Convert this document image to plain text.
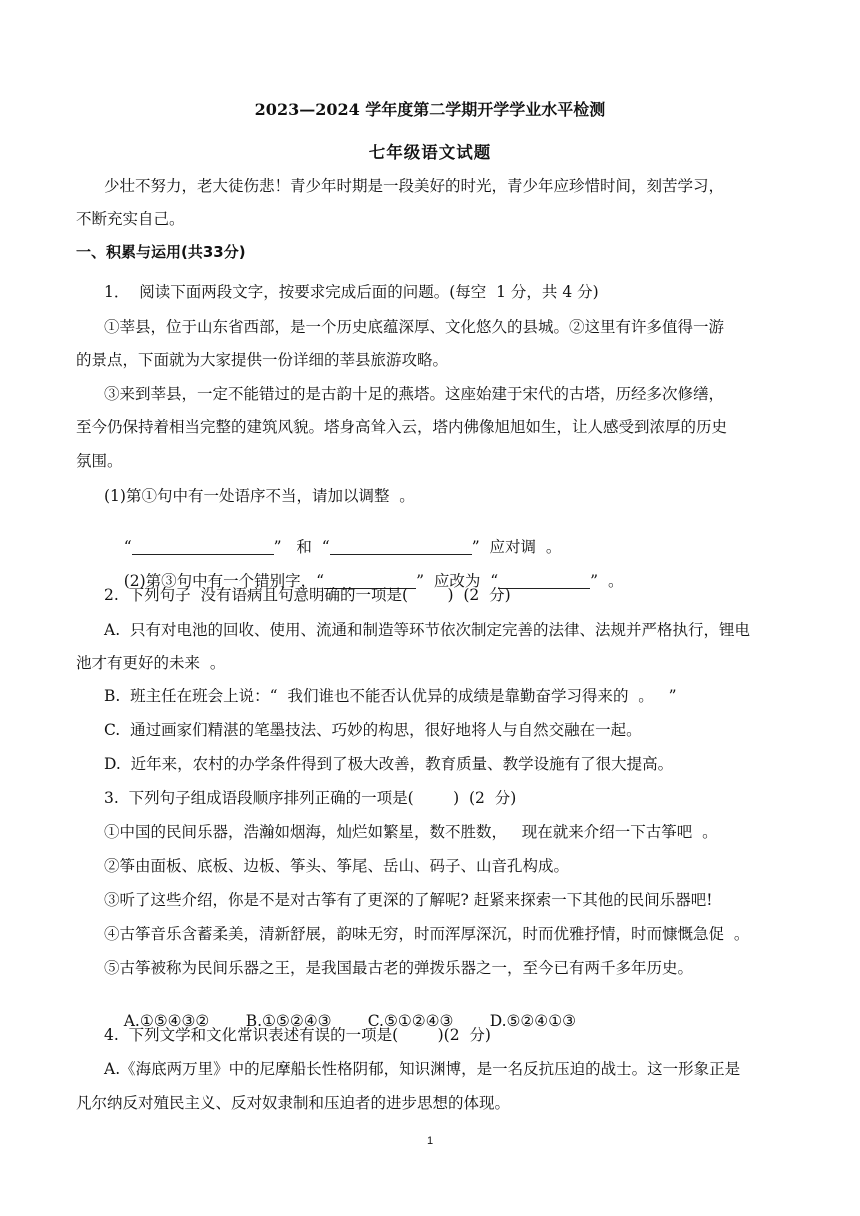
2023—2024 学年度第二学期开学学业水平检测
七年级语文试题
少壮不努力，老大徒伤悲！青少年时期是一段美好的时光，青少年应珍惜时间，刻苦学习，
不断充实自己。
一、积累与运用(共33分)
1．  阅读下面两段文字，按要求完成后面的问题。(每空  1 分，共 4 分)
①莘县，位于山东省西部，是一个历史底蕴深厚、文化悠久的县城。②这里有许多值得一游
的景点，下面就为大家提供一份详细的莘县旅游攻略。
③来到莘县，一定不能错过的是古韵十足的燕塔。这座始建于宋代的古塔，历经多次修缮，
至今仍保持着相当完整的建筑风貌。塔身高耸入云，塔内佛像旭旭如生，让人感受到浓厚的历史
氛围。
(1)第①句中有一处语序不当，请加以调整  。

“	” 和 “	” 应对调  。

(2)第③句中有一个错别字，“	”  应改为  “	”  。

2.  下列句子  没有语病且句意明确的一项是(        )  (2  分)
A.  只有对电池的回收、使用、流通和制造等环节依次制定完善的法律、法规并严格执行，锂电
池才有更好的未来  。
B.  班主任在班会上说：“  我们谁也不能否认优异的成绩是靠勤奋学习得来的  。   ”
C.  通过画家们精湛的笔墨技法、巧妙的构思，很好地将人与自然交融在一起。
D.  近年来，农村的办学条件得到了极大改善，教育质量、教学设施有了很大提高。
3.  下列句子组成语段顺序排列正确的一项是(        )  (2  分)
①中国的民间乐器，浩瀚如烟海，灿烂如繁星，数不胜数，   现在就来介绍一下古筝吧  。
②筝由面板、底板、边板、筝头、筝尾、岳山、码子、山音孔构成。
③听了这些介绍，你是不是对古筝有了更深的了解呢? 赶紧来探索一下其他的民间乐器吧!
④古筝音乐含蓄柔美，清新舒展，韵味无穷，时而浑厚深沉，时而优雅抒情，时而慷慨急促  。
⑤古筝被称为民间乐器之王，是我国最古老的弹拨乐器之一，至今已有两千多年历史。

A.①⑤④③② B.①⑤②④③ C.⑤①②④③ D.⑤②④①③

4.  下列文学和文化常识表述有误的一项是(        )(2  分)
A.《海底两万里》中的尼摩船长性格阴郁，知识渊博，是一名反抗压迫的战士。这一形象正是
凡尔纳反对殖民主义、反对奴隶制和压迫者的进步思想的体现。
1
